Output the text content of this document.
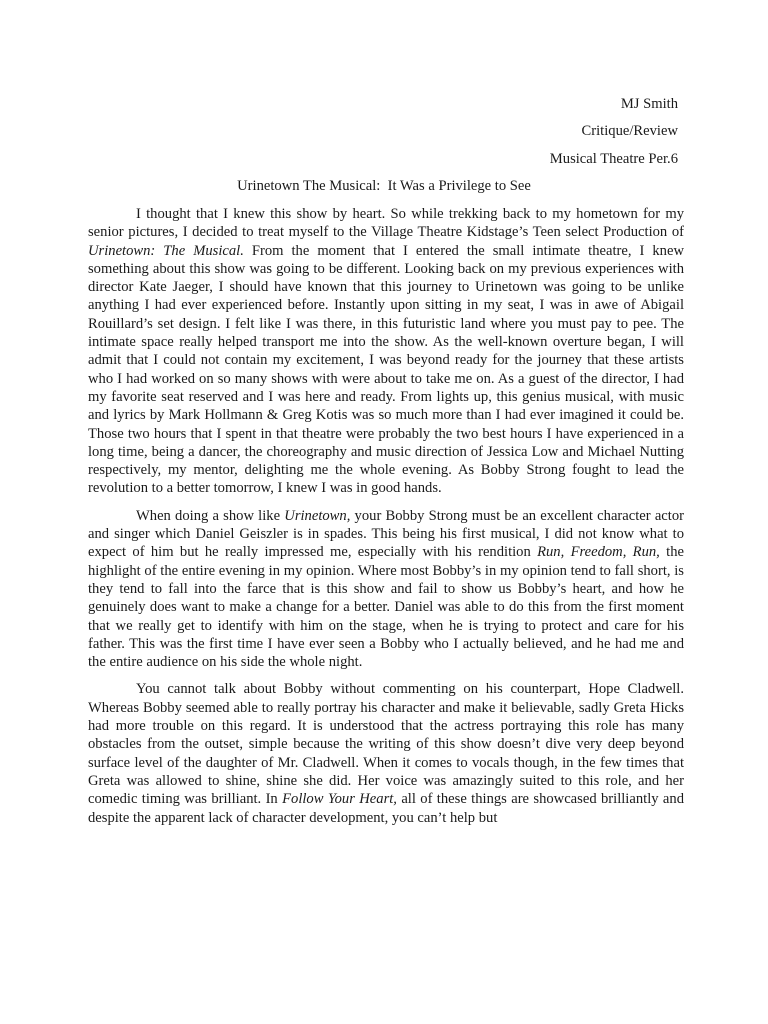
MJ Smith
Critique/Review
Musical Theatre Per.6
Urinetown The Musical:  It Was a Privilege to See

I thought that I knew this show by heart. So while trekking back to my hometown for my senior pictures, I decided to treat myself to the Village Theatre Kidstage’s Teen select Production of Urinetown: The Musical. From the moment that I entered the small intimate theatre, I knew something about this show was going to be different. Looking back on my previous experiences with director Kate Jaeger, I should have known that this journey to Urinetown was going to be unlike anything I had ever experienced before. Instantly upon sitting in my seat, I was in awe of Abigail Rouillard’s set design. I felt like I was there, in this futuristic land where you must pay to pee. The intimate space really helped transport me into the show. As the well-known overture began, I will admit that I could not contain my excitement, I was beyond ready for the journey that these artists who I had worked on so many shows with were about to take me on. As a guest of the director, I had my favorite seat reserved and I was here and ready. From lights up, this genius musical, with music and lyrics by Mark Hollmann & Greg Kotis was so much more than I had ever imagined it could be. Those two hours that I spent in that theatre were probably the two best hours I have experienced in a long time, being a dancer, the choreography and music direction of Jessica Low and Michael Nutting respectively, my mentor, delighting me the whole evening. As Bobby Strong fought to lead the revolution to a better tomorrow, I knew I was in good hands.

When doing a show like Urinetown, your Bobby Strong must be an excellent character actor and singer which Daniel Geiszler is in spades. This being his first musical, I did not know what to expect of him but he really impressed me, especially with his rendition Run, Freedom, Run, the highlight of the entire evening in my opinion. Where most Bobby’s in my opinion tend to fall short, is they tend to fall into the farce that is this show and fail to show us Bobby’s heart, and how he genuinely does want to make a change for a better. Daniel was able to do this from the first moment that we really get to identify with him on the stage, when he is trying to protect and care for his father. This was the first time I have ever seen a Bobby who I actually believed, and he had me and the entire audience on his side the whole night.

You cannot talk about Bobby without commenting on his counterpart, Hope Cladwell. Whereas Bobby seemed able to really portray his character and make it believable, sadly Greta Hicks had more trouble on this regard. It is understood that the actress portraying this role has many obstacles from the outset, simple because the writing of this show doesn’t dive very deep beyond surface level of the daughter of Mr. Cladwell. When it comes to vocals though, in the few times that Greta was allowed to shine, shine she did. Her voice was amazingly suited to this role, and her comedic timing was brilliant. In Follow Your Heart, all of these things are showcased brilliantly and despite the apparent lack of character development, you can’t help but
